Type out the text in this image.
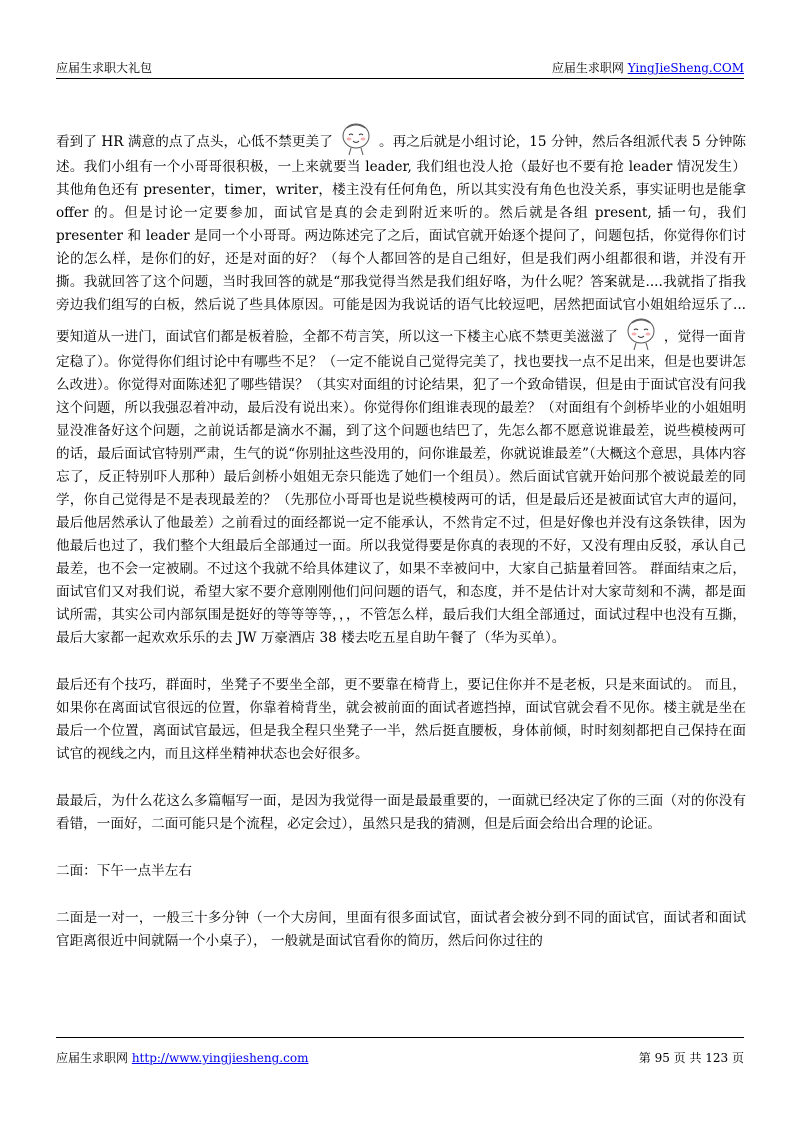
应届生求职大礼包	应届生求职网 YingJieSheng.COM

看到了 HR 满意的点了点头，心低不禁更美了	。再之后就是小组讨论，15 分钟，然后各组派代表 5 分钟陈述。我们小组有一个小哥哥很积极，一上来就要当 leader, 我们组也没人抢（最好也不要有抢 leader 情况发生）其他角色还有 presenter，timer，writer，楼主没有任何角色，所以其实没有角色也没关系，事实证明也是能拿 offer 的。但是讨论一定要参加，面试官是真的会走到附近来听的。然后就是各组 present, 插一句，我们 presenter 和 leader 是同一个小哥哥。两边陈述完了之后，面试官就开始逐个提问了，问题包括，你觉得你们讨论的怎么样，是你们的好，还是对面的好？（每个人都回答的是自己组好，但是我们两小组都很和谐，并没有开撕。我就回答了这个问题，当时我回答的就是“那我觉得当然是我们组好咯，为什么呢？答案就是....我就指了指我旁边我们组写的白板，然后说了些具体原因。可能是因为我说话的语气比较逗吧，居然把面试官小姐姐给逗乐了... 要知道从一进门，面试官们都是板着脸，全都不苟言笑，所以这一下楼主心底不禁更美滋滋了	，觉得一面肯定稳了）。你觉得你们组讨论中有哪些不足？（一定不能说自己觉得完美了，找也要找一点不足出来，但是也要讲怎么改进）。你觉得对面陈述犯了哪些错误？（其实对面组的讨论结果，犯了一个致命错误，但是由于面试官没有问我这个问题，所以我强忍着冲动，最后没有说出来）。你觉得你们组谁表现的最差？（对面组有个剑桥毕业的小姐姐明显没准备好这个问题，之前说话都是滴水不漏，到了这个问题也结巴了，先怎么都不愿意说谁最差，说些模棱两可的话，最后面试官特别严肃，生气的说“你别扯这些没用的，问你谁最差，你就说谁最差”（大概这个意思，具体内容忘了，反正特别吓人那种）最后剑桥小姐姐无奈只能选了她们一个组员）。然后面试官就开始问那个被说最差的同学，你自己觉得是不是表现最差的？（先那位小哥哥也是说些模棱两可的话，但是最后还是被面试官大声的逼问，最后他居然承认了他最差）之前看过的面经都说一定不能承认，不然肯定不过，但是好像也并没有这条铁律，因为他最后也过了，我们整个大组最后全部通过一面。所以我觉得要是你真的表现的不好，又没有理由反驳，承认自己最差，也不会一定被刷。不过这个我就不给具体建议了，如果不幸被问中，大家自己掂量着回答。 群面结束之后，面试官们又对我们说，希望大家不要介意刚刚他们问问题的语气，和态度，并不是估计对大家苛刻和不满，都是面试所需，其实公司内部氛围是挺好的等等等等，，，不管怎么样，最后我们大组全部通过，面试过程中也没有互撕，最后大家都一起欢欢乐乐的去 JW 万豪酒店 38 楼去吃五星自助午餐了（华为买单）。

最后还有个技巧，群面时，坐凳子不要坐全部，更不要靠在椅背上，要记住你并不是老板，只是来面试的。 而且，如果你在离面试官很远的位置，你靠着椅背坐，就会被前面的面试者遮挡掉，面试官就会看不见你。楼主就是坐在最后一个位置，离面试官最远，但是我全程只坐凳子一半，然后挺直腰板，身体前倾，时时刻刻都把自己保持在面试官的视线之内，而且这样坐精神状态也会好很多。

最最后，为什么花这么多篇幅写一面，是因为我觉得一面是最最重要的，一面就已经决定了你的三面（对的你没有看错，一面好，二面可能只是个流程，必定会过），虽然只是我的猜测，但是后面会给出合理的论证。

二面：下午一点半左右

二面是一对一，一般三十多分钟（一个大房间，里面有很多面试官，面试者会被分到不同的面试官，面试者和面试官距离很近中间就隔一个小桌子）， 一般就是面试官看你的简历，然后问你过往的

应届生求职网 http://www.yingjiesheng.com	第 95 页 共 123 页
